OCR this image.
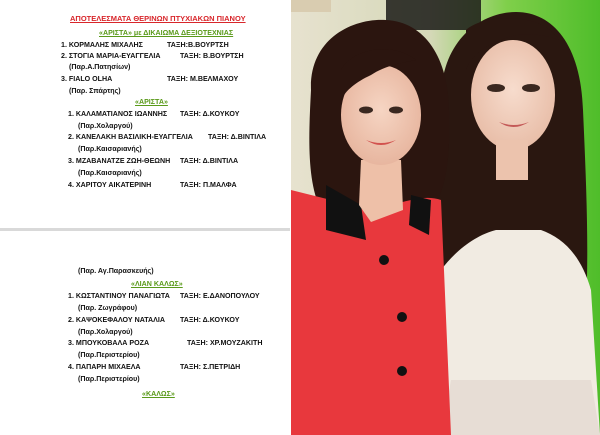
ΑΠΟΤΕΛΕΣΜΑΤΑ ΘΕΡΙΝΩΝ ΠΤΥΧΙΑΚΩΝ ΠΙΑΝΟΥ
«ΑΡΙΣΤΑ» με ΔΙΚΑΙΩΜΑ ΔΕΞΙΟΤΕΧΝΙΑΣ
1. ΚΟΡΜΑΛΗΣ ΜΙΧΑΛΗΣ	ΤΑΞΗ:Β.ΒΟΥΡΤΣΗ
2. ΣΤΟΓΙΑ ΜΑΡΙΑ-ΕΥΑΓΓΕΛΙΑ	ΤΑΞΗ: Β.ΒΟΥΡΤΣΗ
(Παρ.Α.Πατησίων)
3. FIALO OLHA	ΤΑΞΗ: Μ.ΒΕΛΜΑΧΟΥ
(Παρ. Σπάρτης)
«ΑΡΙΣΤΑ»
1. ΚΑΛΑΜΑΤΙΑΝΟΣ ΙΩΑΝΝΗΣ ΤΑΞΗ: Δ.ΚΟΥΚΟΥ
(Παρ.Χολαργού)
2. ΚΑΝΕΛΑΚΗ ΒΑΣΙΛΙΚΗ-ΕΥΑΓΓΕΛΙΑ ΤΑΞΗ: Δ.ΒΙΝΤΙΛΑ
(Παρ.Καισαριανής)
3. ΜΖΑΒΑΝΑΤΖΕ ΖΩΗ-ΘΕΩΝΗ ΤΑΞΗ: Δ.ΒΙΝΤΙΛΑ
(Παρ.Καισαριανής)
4. ΧΑΡΙΤΟΥ ΑΙΚΑΤΕΡΙΝΗ	ΤΑΞΗ: Π.ΜΑΛΦΑ
(Παρ. Αγ.Παρασκευής)
«ΛΙΑΝ ΚΑΛΩΣ»
1. ΚΩΣΤΑΝΤΙΝΟΥ ΠΑΝΑΓΙΩΤΑ ΤΑΞΗ: Ε.ΔΑΝΟΠΟΥΛΟΥ
(Παρ. Ζωγράφου)
2. ΚΑΨΟΚΕΦΑΛΟΥ ΝΑΤΑΛΙΑ ΤΑΞΗ: Δ.ΚΟΥΚΟΥ
(Παρ.Χολαργού)
3. ΜΠΟΥΚΟΒΑΛΑ ΡΟΖΑ	ΤΑΞΗ: ΧΡ.ΜΟΥΖΑΚΙΤΗ
(Παρ.Περιστερίου)
4. ΠΑΠΑΡΗ ΜΙΧΑΕΛΑ	ΤΑΞΗ: Σ.ΠΕΤΡΙΔΗ
(Παρ.Περιστερίου)
«ΚΑΛΩΣ»
